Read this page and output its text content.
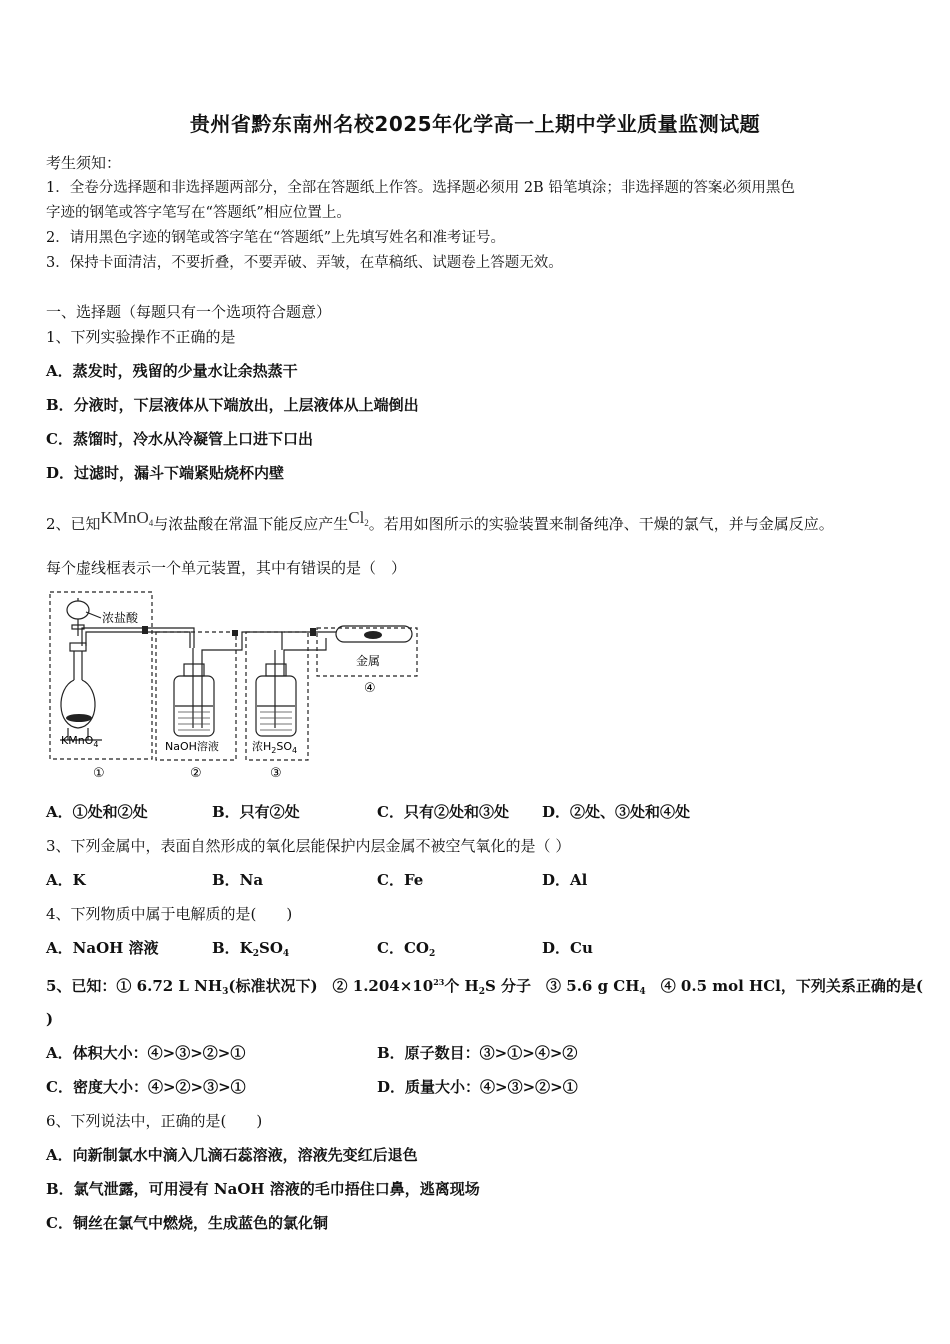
贵州省黔东南州名校2025年化学高一上期中学业质量监测试题
考生须知：
1．全卷分选择题和非选择题两部分，全部在答题纸上作答。选择题必须用 2B 铅笔填涂；非选择题的答案必须用黑色
字迹的钢笔或答字笔写在“答题纸”相应位置上。
2．请用黑色字迹的钢笔或答字笔在“答题纸”上先填写姓名和准考证号。
3．保持卡面清洁，不要折叠，不要弄破、弄皱，在草稿纸、试题卷上答题无效。
一、选择题（每题只有一个选项符合题意）
1、下列实验操作不正确的是
A．蒸发时，残留的少量水让余热蒸干
B．分液时，下层液体从下端放出，上层液体从上端倒出
C．蒸馏时，冷水从冷凝管上口进下口出
D．过滤时，漏斗下端紧贴烧杯内壁
2、已知KMnO$_4$与浓盐酸在常温下能反应产生$Cl_2$。若用如图所示的实验装置来制备纯净、干燥的氯气，并与金属反应。
每个虚线框表示一个单元装置，其中有错误的是（　）
浓盐酸
KMnO$_4$	NaOH溶液	浓$H_2SO_4$
金属
①	②	③
④
A．①处和②处	B．只有②处	C．只有②处和③处 D．②处、③处和④处
3、下列金属中，表面自然形成的氧化层能保护内层金属不被空气氧化的是（ ）
A．K	B．Na	C．Fe	D．Al
4、下列物质中属于电解质的是(　　)
A．NaOH 溶液	B．$K_2SO_4$	C．$CO_2$	D．Cu
5、已知：① 6.72 L $NH_3$(标准状况下)　② $1.204\times 10^{23}$个 $H_2S$ 分子　③ 5.6 g $CH_4$　④ 0.5 mol HCl，下列关系正确的是(
)
A．体积大小：④>③>②>①	B．原子数目：③>①>④>②
C．密度大小：④>②>③>①	D．质量大小：④>③>②>①
6、下列说法中，正确的是(　　)
A．向新制氯水中滴入几滴石蕊溶液，溶液先变红后退色
B．氯气泄露，可用浸有 NaOH 溶液的毛巾捂住口鼻，逃离现场
C．铜丝在氯气中燃烧，生成蓝色的氯化铜
